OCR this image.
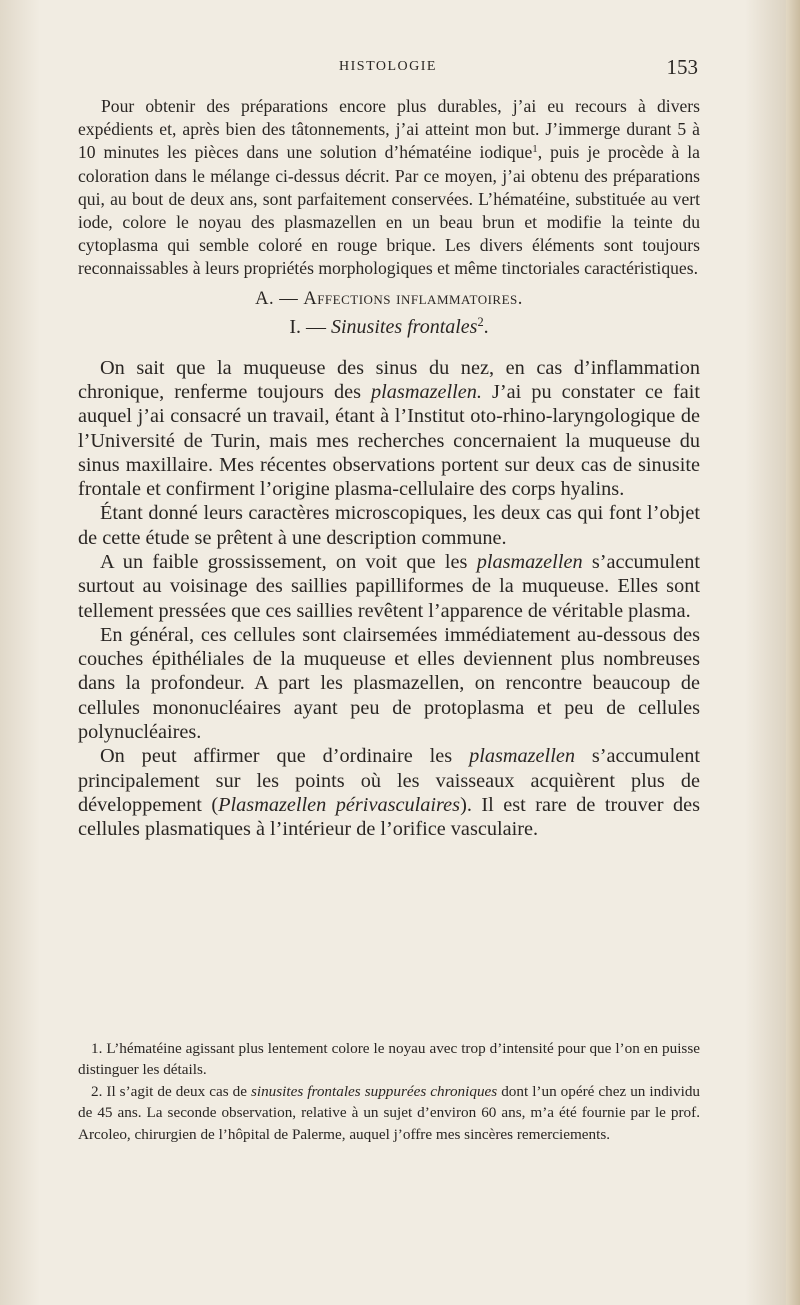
HISTOLOGIE	153

Pour obtenir des préparations encore plus durables, j’ai eu recours à divers expédients et, après bien des tâtonnements, j’ai atteint mon but. J’immerge durant 5 à 10 minutes les pièces dans une solution d’hématéine iodique$^1$, puis je procède à la coloration dans le mélange ci-dessus décrit. Par ce moyen, j’ai obtenu des préparations qui, au bout de deux ans, sont parfaitement conservées. L’hématéine, substituée au vert iode, colore le noyau des plasmazellen en un beau brun et modifie la teinte du cytoplasma qui semble coloré en rouge brique. Les divers éléments sont toujours reconnaissables à leurs propriétés morphologiques et même tinctoriales caractéristiques.

A. — Affections inflammatoires.
I. — Sinusites frontales$^2$.

On sait que la muqueuse des sinus du nez, en cas d’inflammation chronique, renferme toujours des plasmazellen. J’ai pu constater ce fait auquel j’ai consacré un travail, étant à l’Institut oto-rhino-laryngologique de l’Université de Turin, mais mes recherches concernaient la muqueuse du sinus maxillaire. Mes récentes observations portent sur deux cas de sinusite frontale et confirment l’origine plasma-cellulaire des corps hyalins.

Étant donné leurs caractères microscopiques, les deux cas qui font l’objet de cette étude se prêtent à une description commune.

A un faible grossissement, on voit que les plasmazellen s’accumulent surtout au voisinage des saillies papilliformes de la muqueuse. Elles sont tellement pressées que ces saillies revêtent l’apparence de véritable plasma.

En général, ces cellules sont clairsemées immédiatement au-dessous des couches épithéliales de la muqueuse et elles deviennent plus nombreuses dans la profondeur. A part les plasmazellen, on rencontre beaucoup de cellules mononucléaires ayant peu de protoplasma et peu de cellules polynucléaires.

On peut affirmer que d’ordinaire les plasmazellen s’accumulent principalement sur les points où les vaisseaux acquièrent plus de développement (Plasmazellen périvasculaires). Il est rare de trouver des cellules plasmatiques à l’intérieur de l’orifice vasculaire.

1. L’hématéine agissant plus lentement colore le noyau avec trop d’intensité pour que l’on en puisse distinguer les détails.

2. Il s’agit de deux cas de sinusites frontales suppurées chroniques dont l’un opéré chez un individu de 45 ans. La seconde observation, relative à un sujet d’environ 60 ans, m’a été fournie par le prof. Arcoleo, chirurgien de l’hôpital de Palerme, auquel j’offre mes sincères remerciements.
